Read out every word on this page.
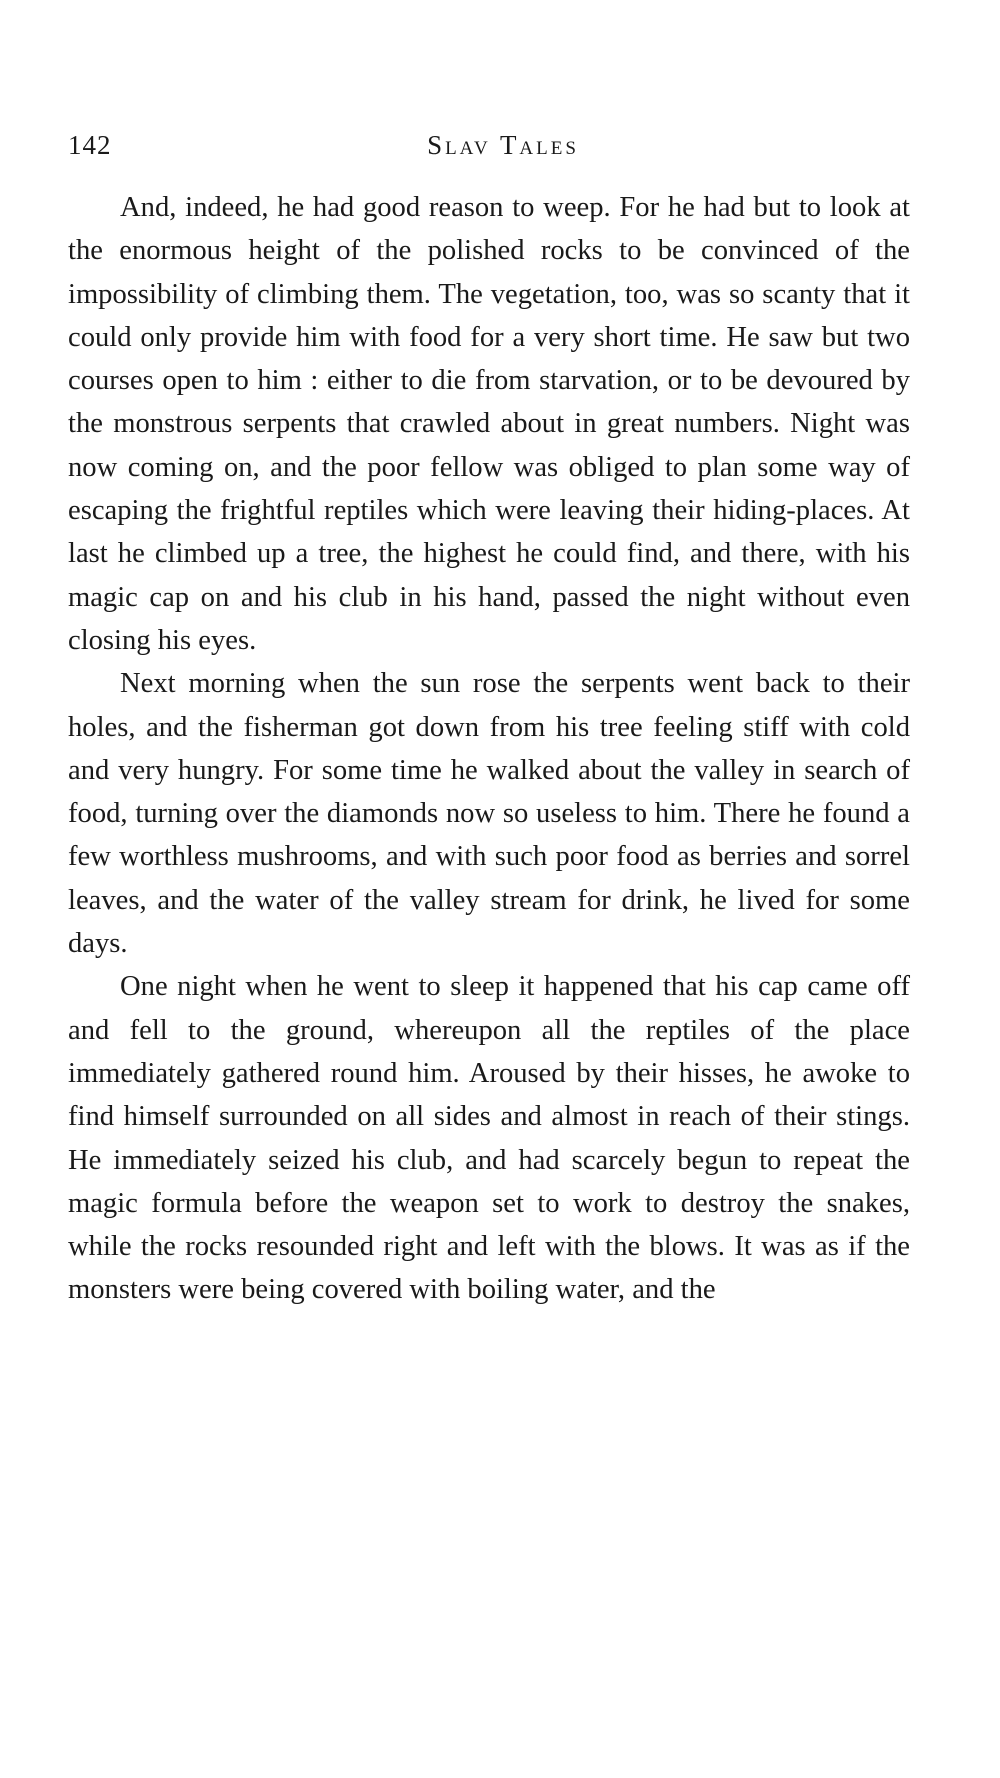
142	Slav Tales

And, indeed, he had good reason to weep. For he had but to look at the enormous height of the polished rocks to be convinced of the impossibility of climbing them. The vegetation, too, was so scanty that it could only provide him with food for a very short time. He saw but two courses open to him : either to die from starvation, or to be devoured by the monstrous serpents that crawled about in great numbers. Night was now coming on, and the poor fellow was obliged to plan some way of escaping the frightful reptiles which were leaving their hiding-places. At last he climbed up a tree, the highest he could find, and there, with his magic cap on and his club in his hand, passed the night without even closing his eyes.

Next morning when the sun rose the serpents went back to their holes, and the fisherman got down from his tree feeling stiff with cold and very hungry. For some time he walked about the valley in search of food, turning over the diamonds now so useless to him. There he found a few worthless mushrooms, and with such poor food as berries and sorrel leaves, and the water of the valley stream for drink, he lived for some days.

One night when he went to sleep it happened that his cap came off and fell to the ground, whereupon all the reptiles of the place immediately gathered round him. Aroused by their hisses, he awoke to find himself surrounded on all sides and almost in reach of their stings. He immediately seized his club, and had scarcely begun to repeat the magic formula before the weapon set to work to destroy the snakes, while the rocks resounded right and left with the blows. It was as if the monsters were being covered with boiling water, and the
